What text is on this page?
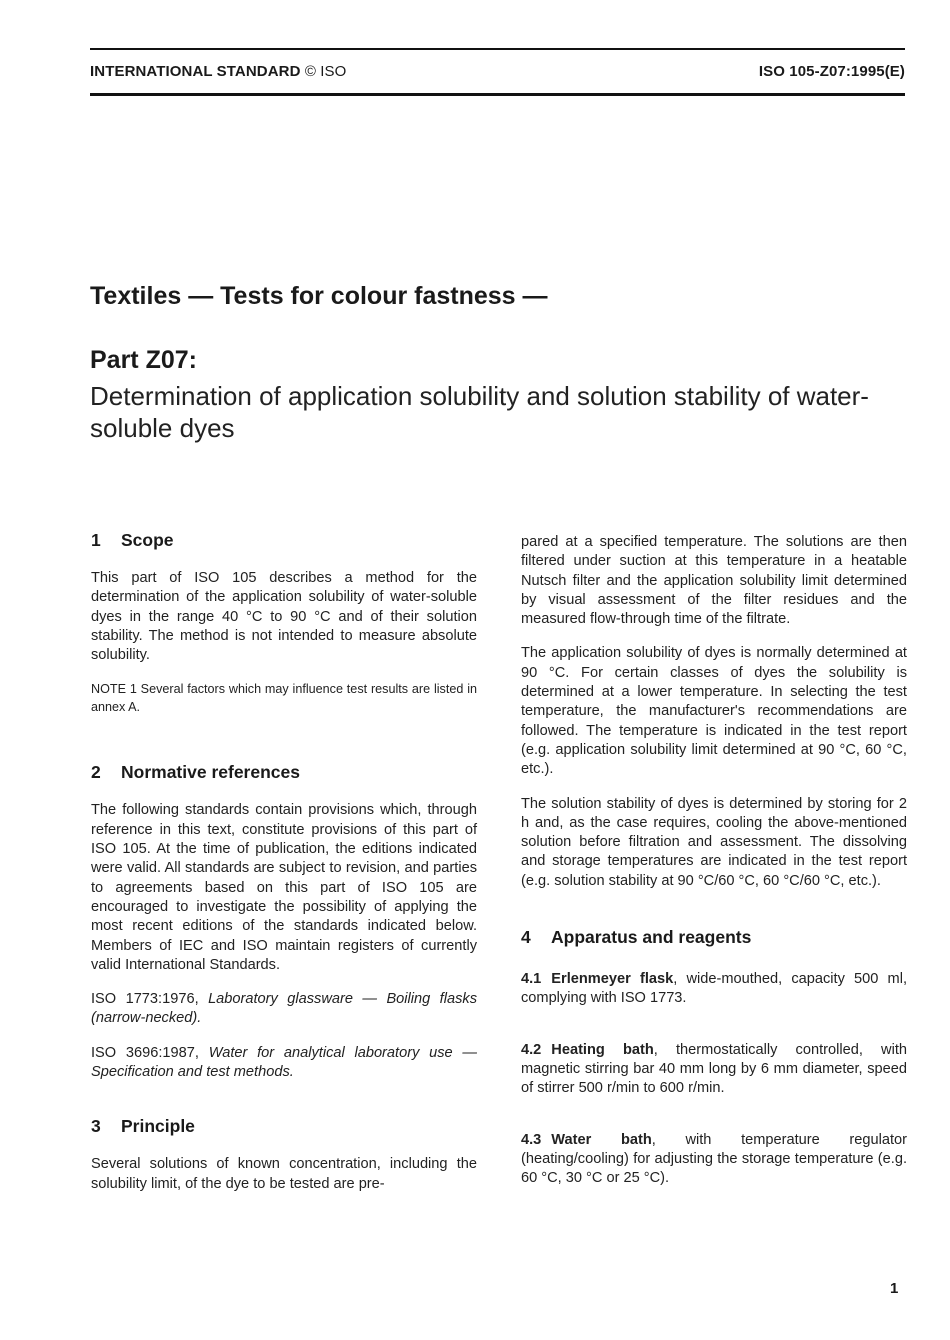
INTERNATIONAL STANDARD © ISO	ISO 105-Z07:1995(E)
Textiles — Tests for colour fastness —
Part Z07:
Determination of application solubility and solution stability of water-soluble dyes
1 Scope

This part of ISO 105 describes a method for the determination of the application solubility of water-soluble dyes in the range 40 °C to 90 °C and of their solution stability. The method is not intended to measure absolute solubility.

NOTE 1 Several factors which may influence test results are listed in annex A.

2 Normative references

The following standards contain provisions which, through reference in this text, constitute provisions of this part of ISO 105. At the time of publication, the editions indicated were valid. All standards are subject to revision, and parties to agreements based on this part of ISO 105 are encouraged to investigate the possibility of applying the most recent editions of the standards indicated below. Members of IEC and ISO maintain registers of currently valid International Standards.

ISO 1773:1976, Laboratory glassware — Boiling flasks (narrow-necked).

ISO 3696:1987, Water for analytical laboratory use — Specification and test methods.

3 Principle

Several solutions of known concentration, including the solubility limit, of the dye to be tested are pre-

pared at a specified temperature. The solutions are then filtered under suction at this temperature in a heatable Nutsch filter and the application solubility limit determined by visual assessment of the filter residues and the measured flow-through time of the filtrate.

The application solubility of dyes is normally determined at 90 °C. For certain classes of dyes the solubility is determined at a lower temperature. In selecting the test temperature, the manufacturer's recommendations are followed. The temperature is indicated in the test report (e.g. application solubility limit determined at 90 °C, 60 °C, etc.).

The solution stability of dyes is determined by storing for 2 h and, as the case requires, cooling the above-mentioned solution before filtration and assessment. The dissolving and storage temperatures are indicated in the test report (e.g. solution stability at 90 °C/60 °C, 60 °C/60 °C, etc.).

4 Apparatus and reagents

4.1 Erlenmeyer flask, wide-mouthed, capacity 500 ml, complying with ISO 1773.

4.2 Heating bath, thermostatically controlled, with magnetic stirring bar 40 mm long by 6 mm diameter, speed of stirrer 500 r/min to 600 r/min.

4.3 Water bath, with temperature regulator (heating/cooling) for adjusting the storage temperature (e.g. 60 °C, 30 °C or 25 °C).

1
